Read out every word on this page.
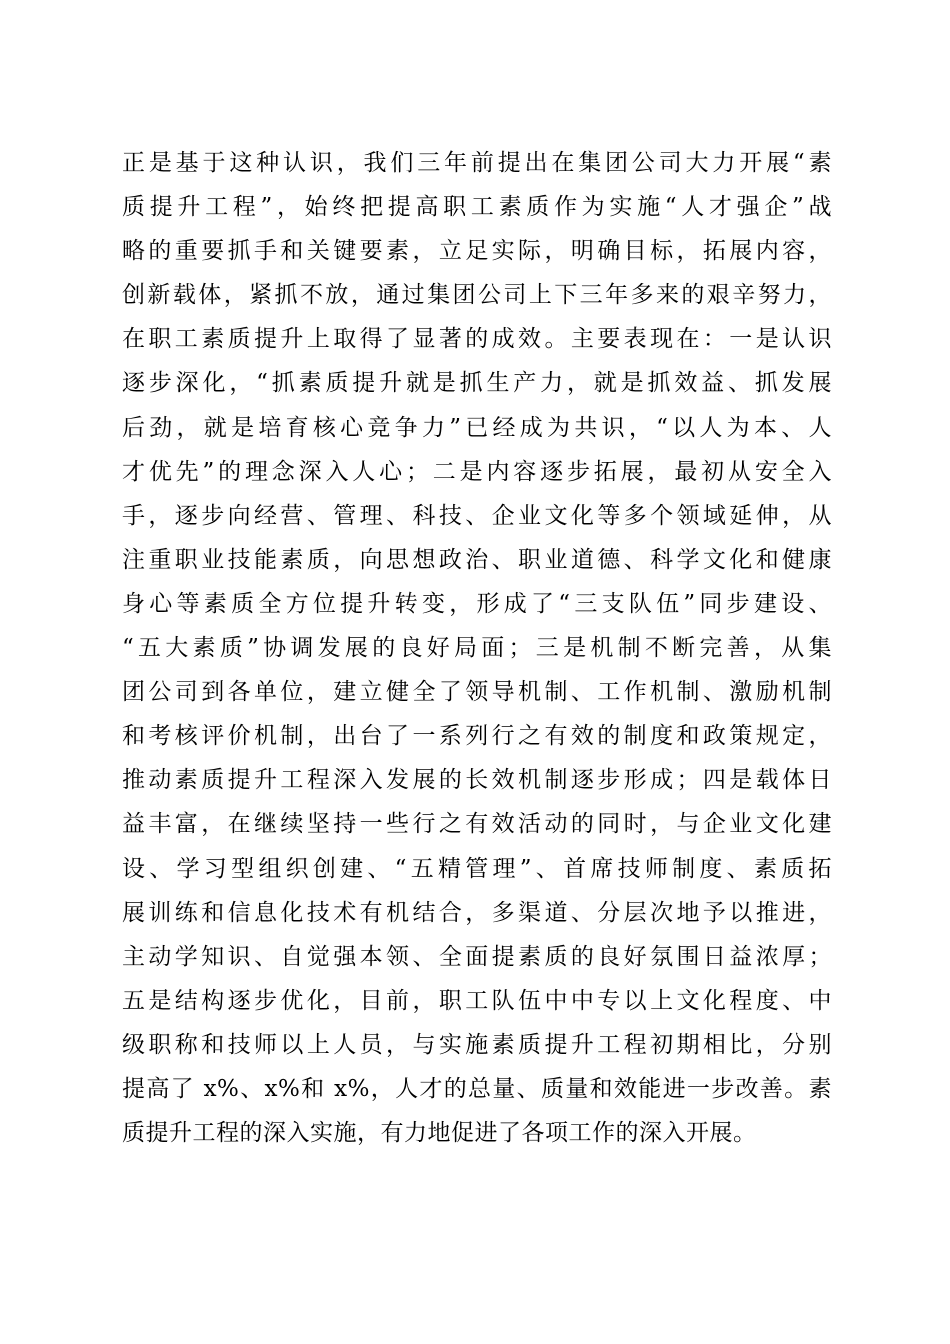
正是基于这种认识，我们三年前提出在集团公司大力开展“素
质提升工程”，始终把提高职工素质作为实施“人才强企”战
略的重要抓手和关键要素，立足实际，明确目标，拓展内容，
创新载体，紧抓不放，通过集团公司上下三年多来的艰辛努力，
在职工素质提升上取得了显著的成效。主要表现在：一是认识
逐步深化，“抓素质提升就是抓生产力，就是抓效益、抓发展
后劲，就是培育核心竞争力”已经成为共识，“以人为本、人
才优先”的理念深入人心；二是内容逐步拓展，最初从安全入
手，逐步向经营、管理、科技、企业文化等多个领域延伸，从
注重职业技能素质，向思想政治、职业道德、科学文化和健康
身心等素质全方位提升转变，形成了“三支队伍”同步建设、
“五大素质”协调发展的良好局面；三是机制不断完善，从集
团公司到各单位，建立健全了领导机制、工作机制、激励机制
和考核评价机制，出台了一系列行之有效的制度和政策规定，
推动素质提升工程深入发展的长效机制逐步形成；四是载体日
益丰富，在继续坚持一些行之有效活动的同时，与企业文化建
设、学习型组织创建、“五精管理”、首席技师制度、素质拓
展训练和信息化技术有机结合，多渠道、分层次地予以推进，
主动学知识、自觉强本领、全面提素质的良好氛围日益浓厚；
五是结构逐步优化，目前，职工队伍中中专以上文化程度、中
级职称和技师以上人员，与实施素质提升工程初期相比，分别
提高了 x%、x%和 x%，人才的总量、质量和效能进一步改善。素
质提升工程的深入实施，有力地促进了各项工作的深入开展。
